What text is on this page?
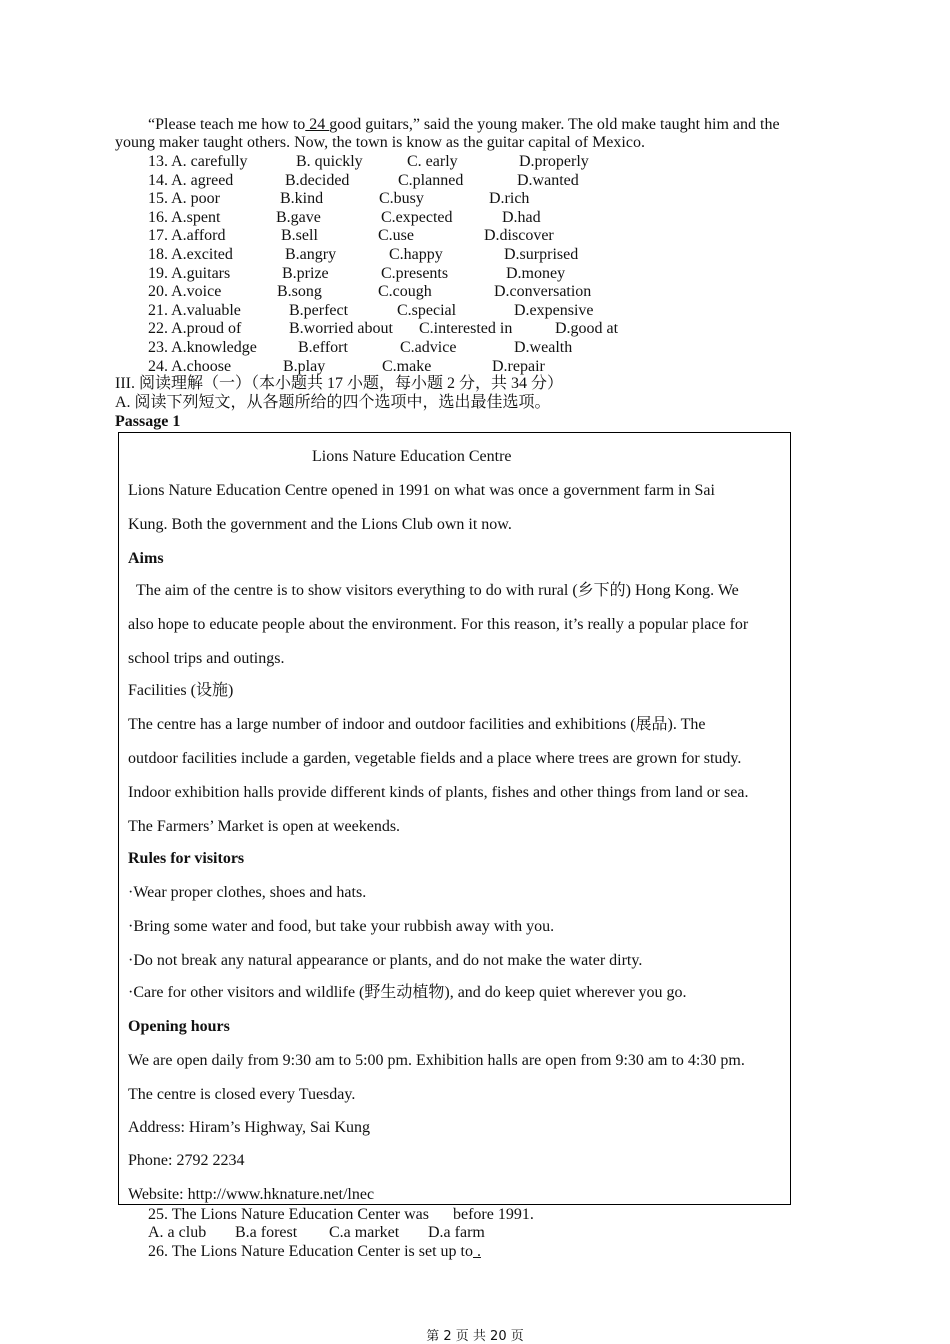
“Please teach me how to 24 good guitars,” said the young maker. The old make taught him and the
young maker taught others. Now, the town is know as the guitar capital of Mexico.
13. A. carefully	B. quickly	C. early	D.properly
14. A. agreed	B.decided	C.planned	D.wanted
15. A. poor	B.kind	C.busy	D.rich
16. A.spent	B.gave	C.expected	D.had
17. A.afford	B.sell	C.use	D.discover
18. A.excited	B.angry	C.happy	D.surprised
19. A.guitars	B.prize	C.presents	D.money
20. A.voice	B.song	C.cough	D.conversation
21. A.valuable	B.perfect	C.special	D.expensive
22. A.proud of	B.worried about C.interested in	D.good at
23. A.knowledge	B.effort	C.advice	D.wealth
24. A.choose	B.play	C.make	D.repair
III. 阅读理解（一）（本小题共 17 小题，每小题 2 分，共 34 分）
A. 阅读下列短文，从各题所给的四个选项中，选出最佳选项。
Passage 1
Lions Nature Education Centre
Lions Nature Education Centre opened in 1991 on what was once a government farm in Sai
Kung. Both the government and the Lions Club own it now.
Aims
The aim of the centre is to show visitors everything to do with rural (乡下的) Hong Kong. We
also hope to educate people about the environment. For this reason, it’s really a popular place for
school trips and outings.
Facilities (设施)
The centre has a large number of indoor and outdoor facilities and exhibitions (展品). The
outdoor facilities include a garden, vegetable fields and a place where trees are grown for study.
Indoor exhibition halls provide different kinds of plants, fishes and other things from land or sea.
The Farmers’ Market is open at weekends.
Rules for visitors
·Wear proper clothes, shoes and hats.
·Bring some water and food, but take your rubbish away with you.
·Do not break any natural appearance or plants, and do not make the water dirty.
·Care for other visitors and wildlife (野生动植物), and do keep quiet wherever you go.
Opening hours
We are open daily from 9:30 am to 5:00 pm. Exhibition halls are open from 9:30 am to 4:30 pm.
The centre is closed every Tuesday.
Address: Hiram’s Highway, Sai Kung
Phone: 2792 2234
Website: http://www.hknature.net/lnec
25. The Lions Nature Education Center was before 1991.
A. a club B.a forest C.a market D.a farm
26. The Lions Nature Education Center is set up to .
第 2 页 共 20 页
